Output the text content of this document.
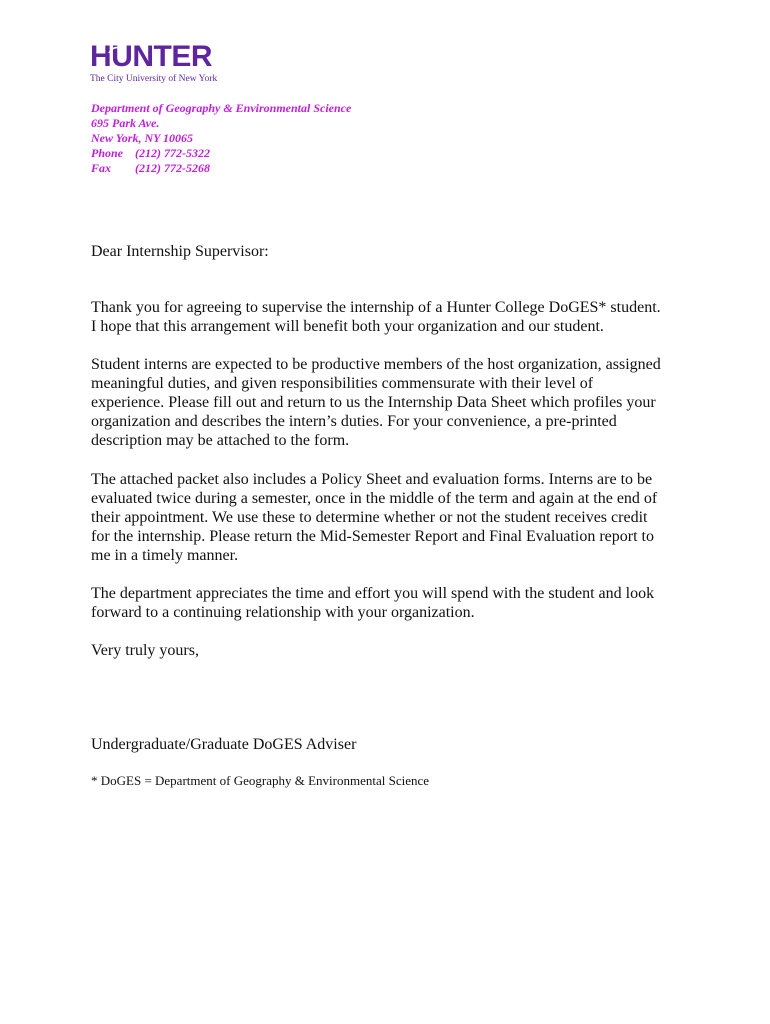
HUNTER
The City University of New York
Department of Geography & Environmental Science
695 Park Ave.
New York, NY 10065
Phone (212) 772-5322
Fax (212) 772-5268
Dear Internship Supervisor:
Thank you for agreeing to supervise the internship of a Hunter College DoGES* student.
I hope that this arrangement will benefit both your organization and our student.
Student interns are expected to be productive members of the host organization, assigned
meaningful duties, and given responsibilities commensurate with their level of
experience. Please fill out and return to us the Internship Data Sheet which profiles your
organization and describes the intern’s duties. For your convenience, a pre-printed
description may be attached to the form.
The attached packet also includes a Policy Sheet and evaluation forms. Interns are to be
evaluated twice during a semester, once in the middle of the term and again at the end of
their appointment. We use these to determine whether or not the student receives credit
for the internship. Please return the Mid-Semester Report and Final Evaluation report to
me in a timely manner.
The department appreciates the time and effort you will spend with the student and look
forward to a continuing relationship with your organization.
Very truly yours,
Undergraduate/Graduate DoGES Adviser
* DoGES = Department of Geography & Environmental Science
